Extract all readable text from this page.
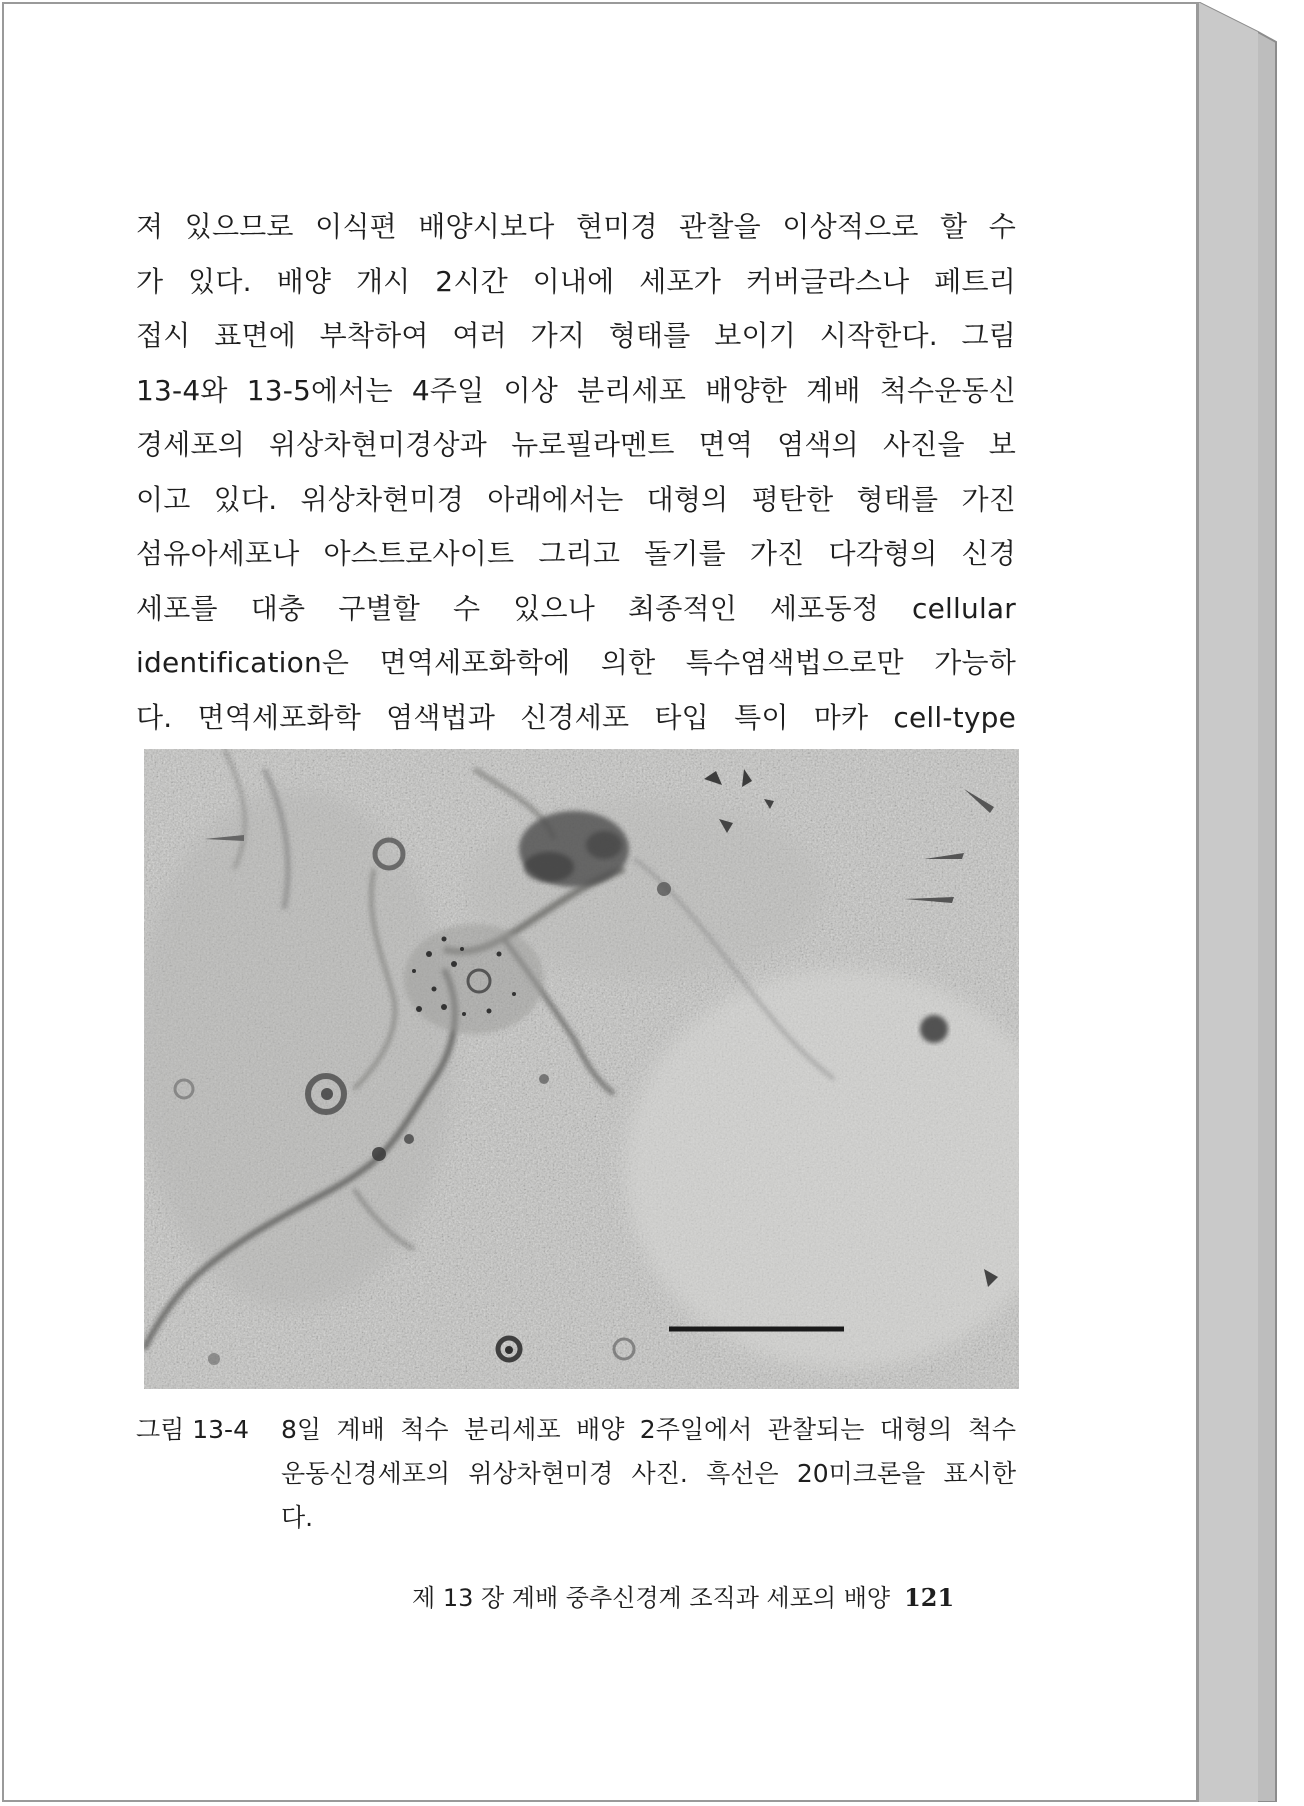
져 있으므로 이식편 배양시보다 현미경 관찰을 이상적으로 할 수
가 있다. 배양 개시 2시간 이내에 세포가 커버글라스나 페트리
접시 표면에 부착하여 여러 가지 형태를 보이기 시작한다. 그림
13-4와 13-5에서는 4주일 이상 분리세포 배양한 계배 척수운동신
경세포의 위상차현미경상과 뉴로필라멘트 면역 염색의 사진을 보
이고 있다. 위상차현미경 아래에서는 대형의 평탄한 형태를 가진
섬유아세포나 아스트로사이트 그리고 돌기를 가진 다각형의 신경
세포를 대충 구별할 수 있으나 최종적인 세포동정 cellular
identification은 면역세포화학에 의한 특수염색법으로만 가능하
다. 면역세포화학 염색법과 신경세포 타입 특이 마카 cell-type
그림 13-4	8일 계배 척수 분리세포 배양 2주일에서 관찰되는 대형의 척수
운동신경세포의 위상차현미경 사진. 흑선은 20미크론을 표시한
다.
제 13 장 계배 중추신경계 조직과 세포의 배양 121
